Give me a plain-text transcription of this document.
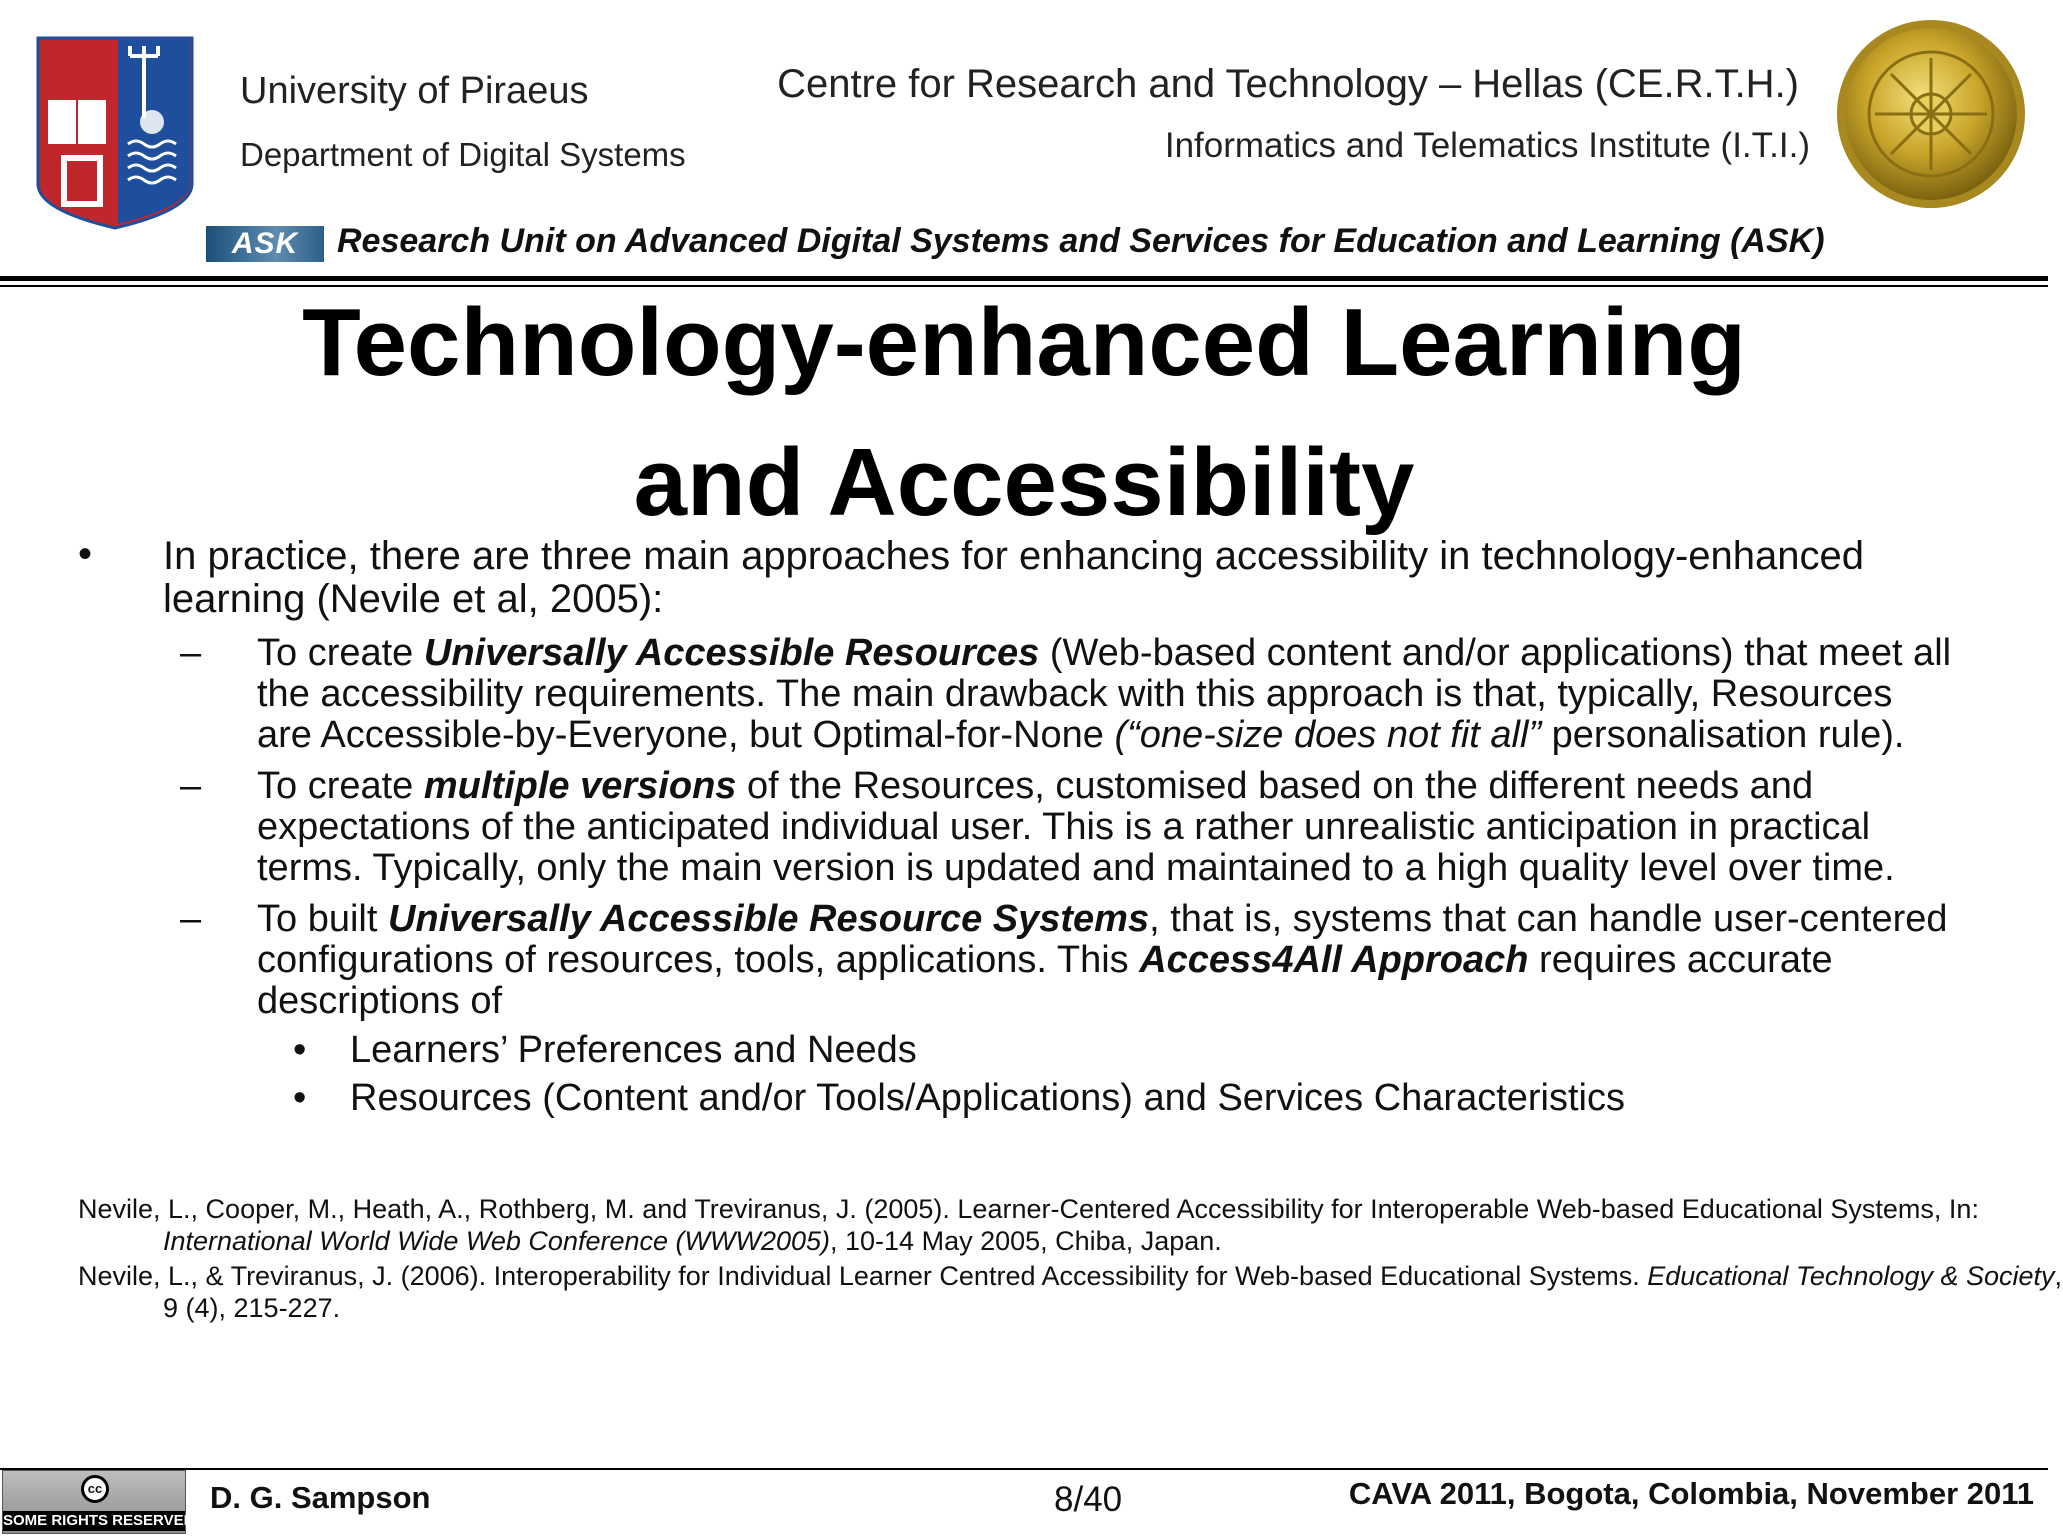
University of Piraeus
Department of Digital Systems
Centre for Research and Technology – Hellas (CE.R.T.H.)
Informatics and Telematics Institute (I.T.I.)
ASK	Research Unit on Advanced Digital Systems and Services for Education and Learning (ASK)
Technology-enhanced Learning
and Accessibility
• In practice, there are three main approaches for enhancing accessibility in technology-enhanced
learning (Nevile et al, 2005):
– To create Universally Accessible Resources (Web-based content and/or applications) that meet all
the accessibility requirements. The main drawback with this approach is that, typically, Resources
are Accessible-by-Everyone, but Optimal-for-None (“one-size does not fit all” personalisation rule).
– To create multiple versions of the Resources, customised based on the different needs and
expectations of the anticipated individual user. This is a rather unrealistic anticipation in practical
terms. Typically, only the main version is updated and maintained to a high quality level over time.
– To built Universally Accessible Resource Systems, that is, systems that can handle user-centered
configurations of resources, tools, applications. This Access4All Approach requires accurate
descriptions of
• Learners’ Preferences and Needs
• Resources (Content and/or Tools/Applications) and Services Characteristics
Nevile, L., Cooper, M., Heath, A., Rothberg, M. and Treviranus, J. (2005). Learner-Centered Accessibility for Interoperable Web-based Educational Systems, In: International World Wide Web Conference (WWW2005), 10-14 May 2005, Chiba, Japan.
Nevile, L., & Treviranus, J. (2006). Interoperability for Individual Learner Centred Accessibility for Web-based Educational Systems. Educational Technology & Society, 9 (4), 215-227.
cc
SOME RIGHTS RESERVED
D. G. Sampson	8/40	CAVA 2011, Bogota, Colombia, November 2011
